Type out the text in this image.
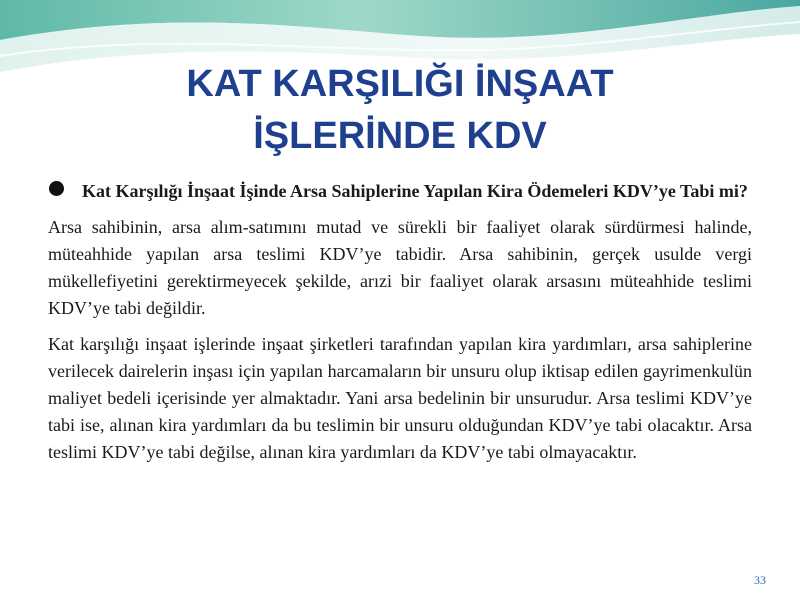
KAT KARŞILIĞI İNŞAAT
İŞLERİNDE KDV

Kat Karşılığı İnşaat İşinde Arsa Sahiplerine Yapılan Kira Ödemeleri KDV’ye Tabi mi?

Arsa sahibinin, arsa alım-satımını mutad ve sürekli bir faaliyet olarak sürdürmesi halinde, müteahhide yapılan arsa teslimi KDV’ye tabidir. Arsa sahibinin, gerçek usulde vergi mükellefiyetini gerektirmeyecek şekilde, arızi bir faaliyet olarak arsasını müteahhide teslimi KDV’ye tabi değildir.

Kat karşılığı inşaat işlerinde inşaat şirketleri tarafından yapılan kira yardımları, arsa sahiplerine verilecek dairelerin inşası için yapılan harcamaların bir unsuru olup iktisap edilen gayrimenkulün maliyet bedeli içerisinde yer almaktadır. Yani arsa bedelinin bir unsurudur. Arsa teslimi KDV’ye tabi ise, alınan kira yardımları da bu teslimin bir unsuru olduğundan KDV’ye tabi olacaktır. Arsa teslimi KDV’ye tabi değilse, alınan kira yardımları da KDV’ye tabi olmayacaktır.

33
